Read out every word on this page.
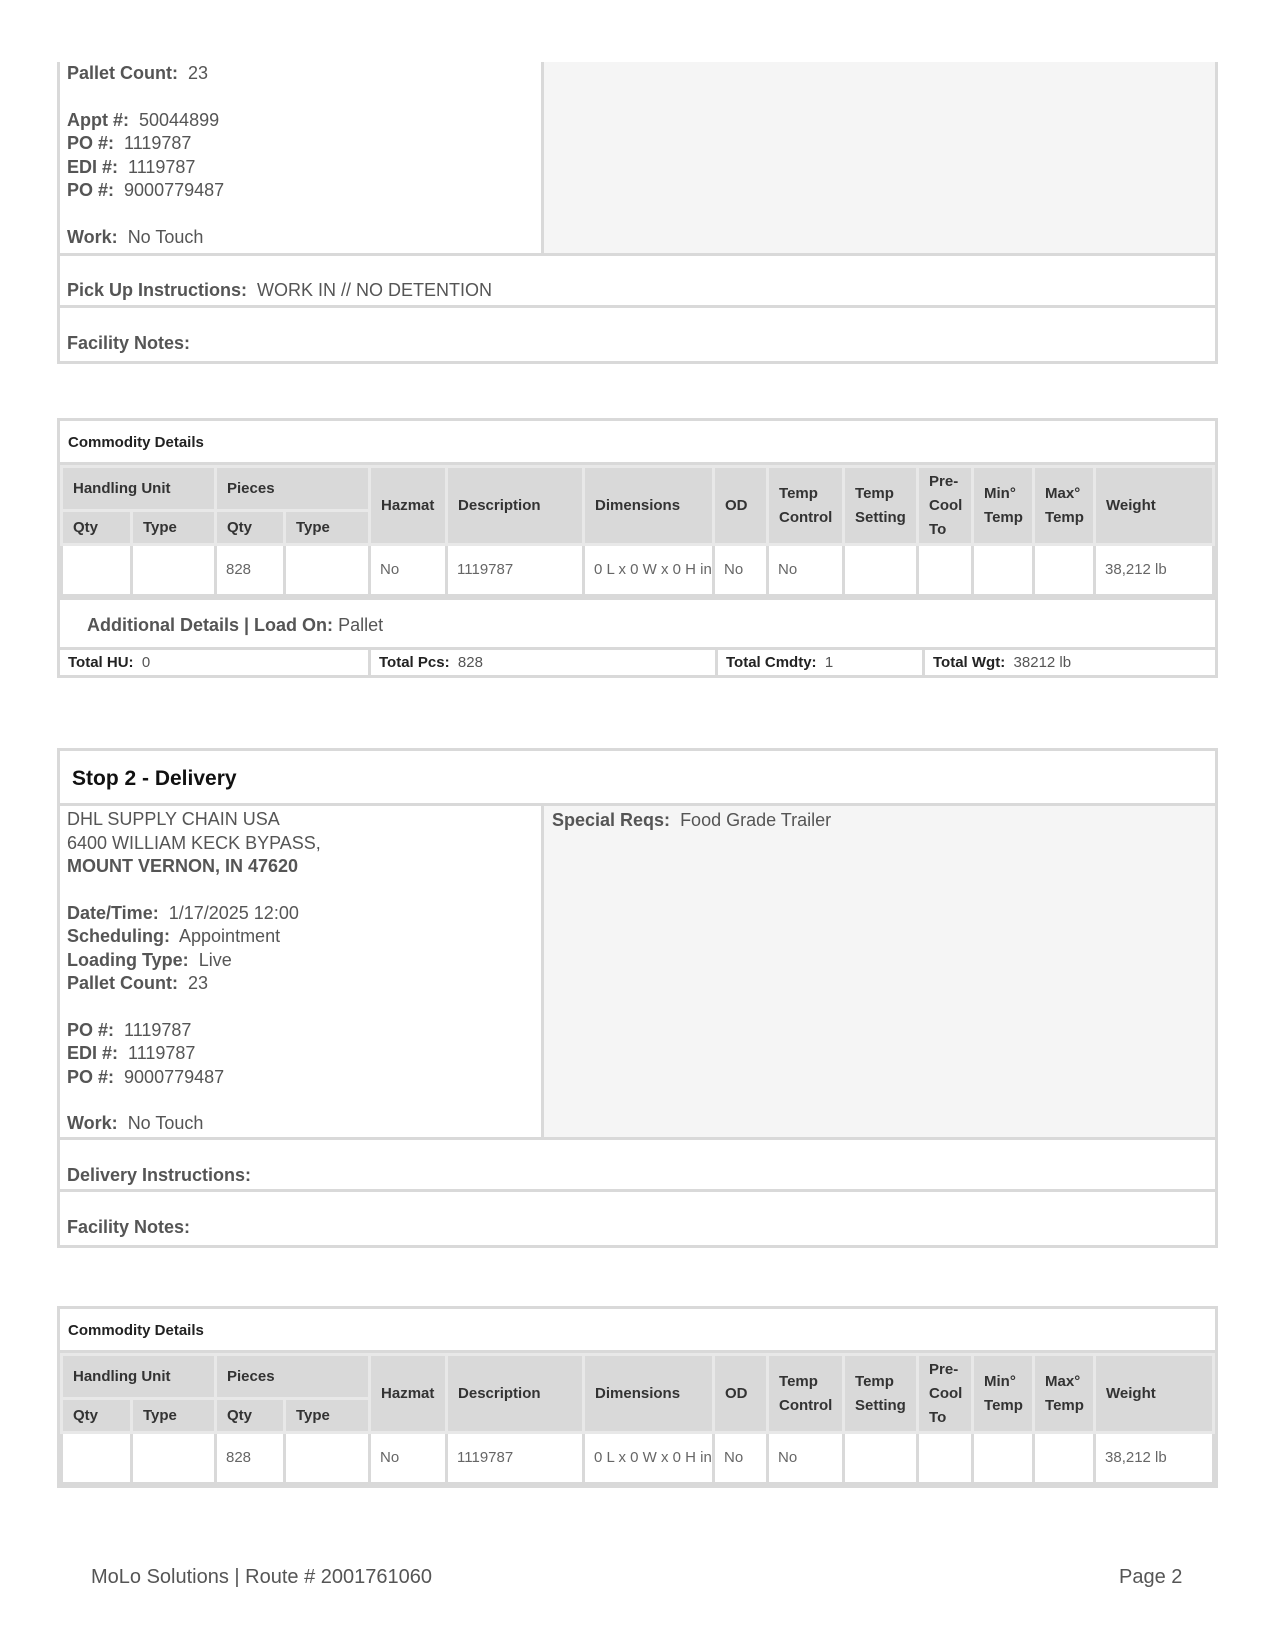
Pallet Count: 23
Appt #: 50044899
PO #: 1119787
EDI #: 1119787
PO #: 9000779487
Work: No Touch
Pick Up Instructions: WORK IN // NO DETENTION
Facility Notes:
Commodity Details
Handling Unit		Pieces		Hazmat	Description	Dimensions	OD	Temp Control	Temp Setting	Pre-Cool To	Min° Temp	Max° Temp	Weight
Qty	Type	Qty	Type										
		828		No	1119787	0 L x 0 W x 0 H in	No	No					38,212 lb
Additional Details | Load On: Pallet
Total HU: 0	Total Pcs: 828	Total Cmdty: 1	Total Wgt: 38212 lb
Stop 2 - Delivery
DHL SUPPLY CHAIN USA
6400 WILLIAM KECK BYPASS,
MOUNT VERNON, IN 47620
Date/Time: 1/17/2025 12:00
Scheduling: Appointment
Loading Type: Live
Pallet Count: 23
PO #: 1119787
EDI #: 1119787
PO #: 9000779487
Work: No Touch
Special Reqs: Food Grade Trailer
Delivery Instructions:
Facility Notes:
Commodity Details
Handling Unit		Pieces		Hazmat	Description	Dimensions	OD	Temp Control	Temp Setting	Pre-Cool To	Min° Temp	Max° Temp	Weight
Qty	Type	Qty	Type										
		828		No	1119787	0 L x 0 W x 0 H in	No	No					38,212 lb
MoLo Solutions | Route # 2001761060	Page 2
